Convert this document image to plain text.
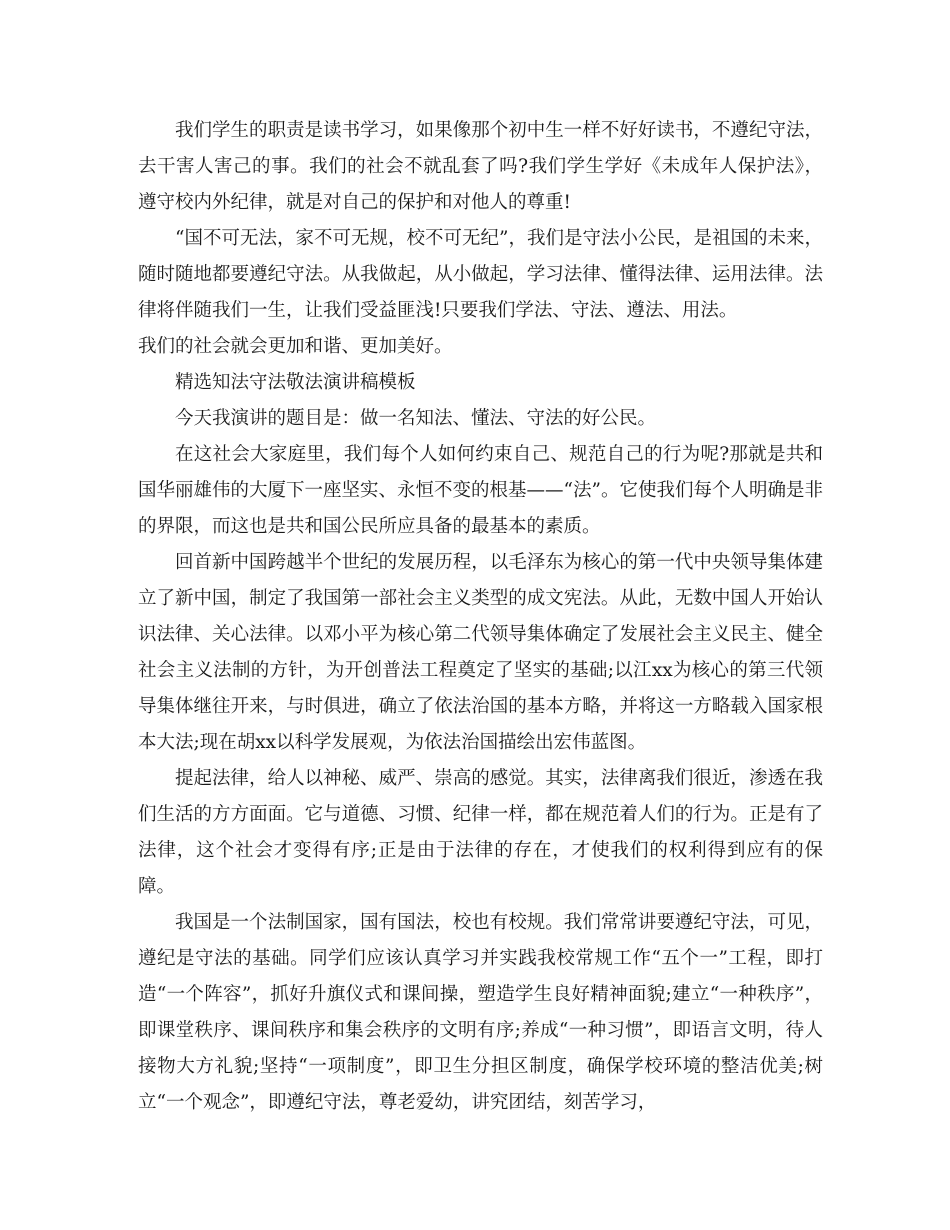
我们学生的职责是读书学习，如果像那个初中生一样不好好读书，不遵纪守法，去干害人害己的事。我们的社会不就乱套了吗?我们学生学好《未成年人保护法》，遵守校内外纪律，就是对自己的保护和对他人的尊重!

“国不可无法，家不可无规，校不可无纪”，我们是守法小公民，是祖国的未来，随时随地都要遵纪守法。从我做起，从小做起，学习法律、懂得法律、运用法律。法律将伴随我们一生，让我们受益匪浅!只要我们学法、守法、遵法、用法。

我们的社会就会更加和谐、更加美好。

精选知法守法敬法演讲稿模板

今天我演讲的题目是：做一名知法、懂法、守法的好公民。

在这社会大家庭里，我们每个人如何约束自己、规范自己的行为呢?那就是共和国华丽雄伟的大厦下一座坚实、永恒不变的根基——“法”。它使我们每个人明确是非的界限，而这也是共和国公民所应具备的最基本的素质。

回首新中国跨越半个世纪的发展历程，以毛泽东为核心的第一代中央领导集体建立了新中国，制定了我国第一部社会主义类型的成文宪法。从此，无数中国人开始认识法律、关心法律。以邓小平为核心第二代领导集体确定了发展社会主义民主、健全社会主义法制的方针，为开创普法工程奠定了坚实的基础;以江xx为核心的第三代领导集体继往开来，与时俱进，确立了依法治国的基本方略，并将这一方略载入国家根本大法;现在胡xx以科学发展观，为依法治国描绘出宏伟蓝图。

提起法律，给人以神秘、威严、崇高的感觉。其实，法律离我们很近，渗透在我们生活的方方面面。它与道德、习惯、纪律一样，都在规范着人们的行为。正是有了法律，这个社会才变得有序;正是由于法律的存在，才使我们的权利得到应有的保障。

我国是一个法制国家，国有国法，校也有校规。我们常常讲要遵纪守法，可见，遵纪是守法的基础。同学们应该认真学习并实践我校常规工作“五个一”工程，即打造“一个阵容”，抓好升旗仪式和课间操，塑造学生良好精神面貌;建立“一种秩序”，即课堂秩序、课间秩序和集会秩序的文明有序;养成“一种习惯”，即语言文明，待人接物大方礼貌;坚持“一项制度”，即卫生分担区制度，确保学校环境的整洁优美;树立“一个观念”，即遵纪守法，尊老爱幼，讲究团结，刻苦学习，
